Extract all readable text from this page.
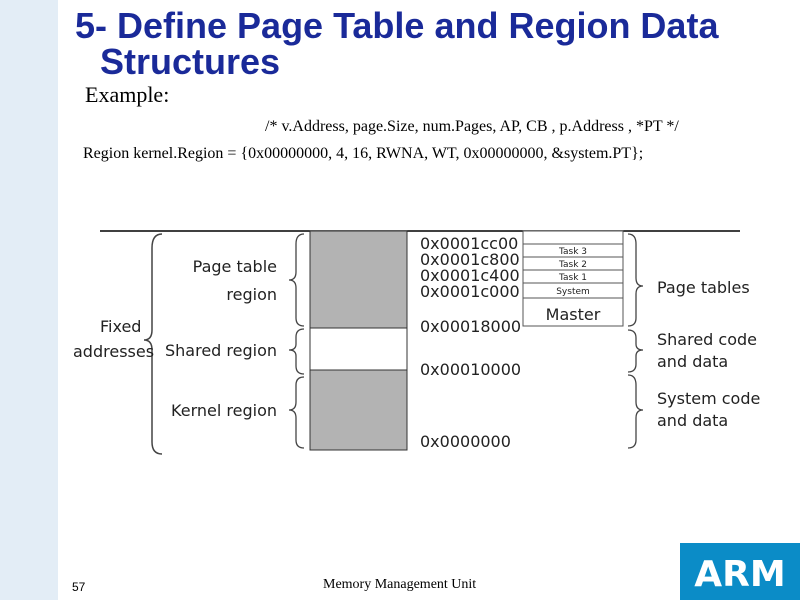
5- Define Page Table and Region Data
Structures
Example:
/* v.Address, page.Size, num.Pages, AP, CB , p.Address , *PT */
Region kernel.Region = {0x00000000, 4, 16, RWNA, WT, 0x00000000, &system.PT};
Fixed
addresses
Page table
region
Shared region
Kernel region
0x0001cc00
0x0001c800
0x0001c400
0x0001c000
0x00018000
0x00010000
0x0000000
Task 3
Task 2
Task 1
System
Master
Page tables
Shared code
and data
System code
and data
57	Memory Management Unit	ARM
